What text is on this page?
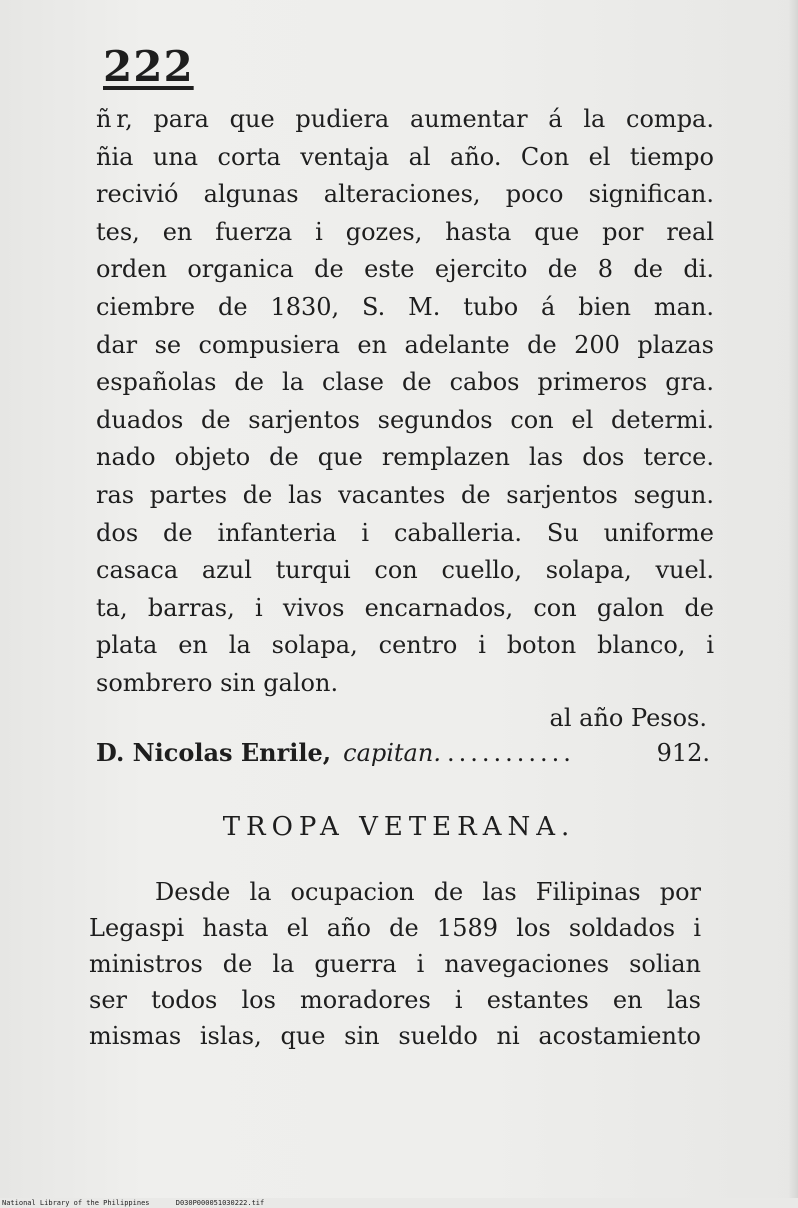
222
ñ r, para que pudiera aumentar á la compa.
ñia una corta ventaja al año. Con el tiempo
recivió algunas alteraciones, poco significan.
tes, en fuerza i gozes, hasta que por real
orden organica de este ejercito de 8 de di.
ciembre de 1830, S. M. tubo á bien man.
dar se compusiera en adelante de 200 plazas
españolas de la clase de cabos primeros gra.
duados de sarjentos segundos con el determi.
nado objeto de que remplazen las dos terce.
ras partes de las vacantes de sarjentos segun.
dos de infanteria i caballeria. Su uniforme
casaca azul turqui con cuello, solapa, vuel.
ta, barras, i vivos encarnados, con galon de
plata en la solapa, centro i boton blanco, i
sombrero sin galon.
al año Pesos.
D. Nicolas Enrile, capitan. ...........	912.
TROPA VETERANA.
Desde la ocupacion de las Filipinas por
Legaspi hasta el año de 1589 los soldados i
ministros de la guerra i navegaciones solian
ser todos los moradores i estantes en las
mismas islas, que sin sueldo ni acostamiento
National Library of the Philippines	D030P00005103022​2.tif
